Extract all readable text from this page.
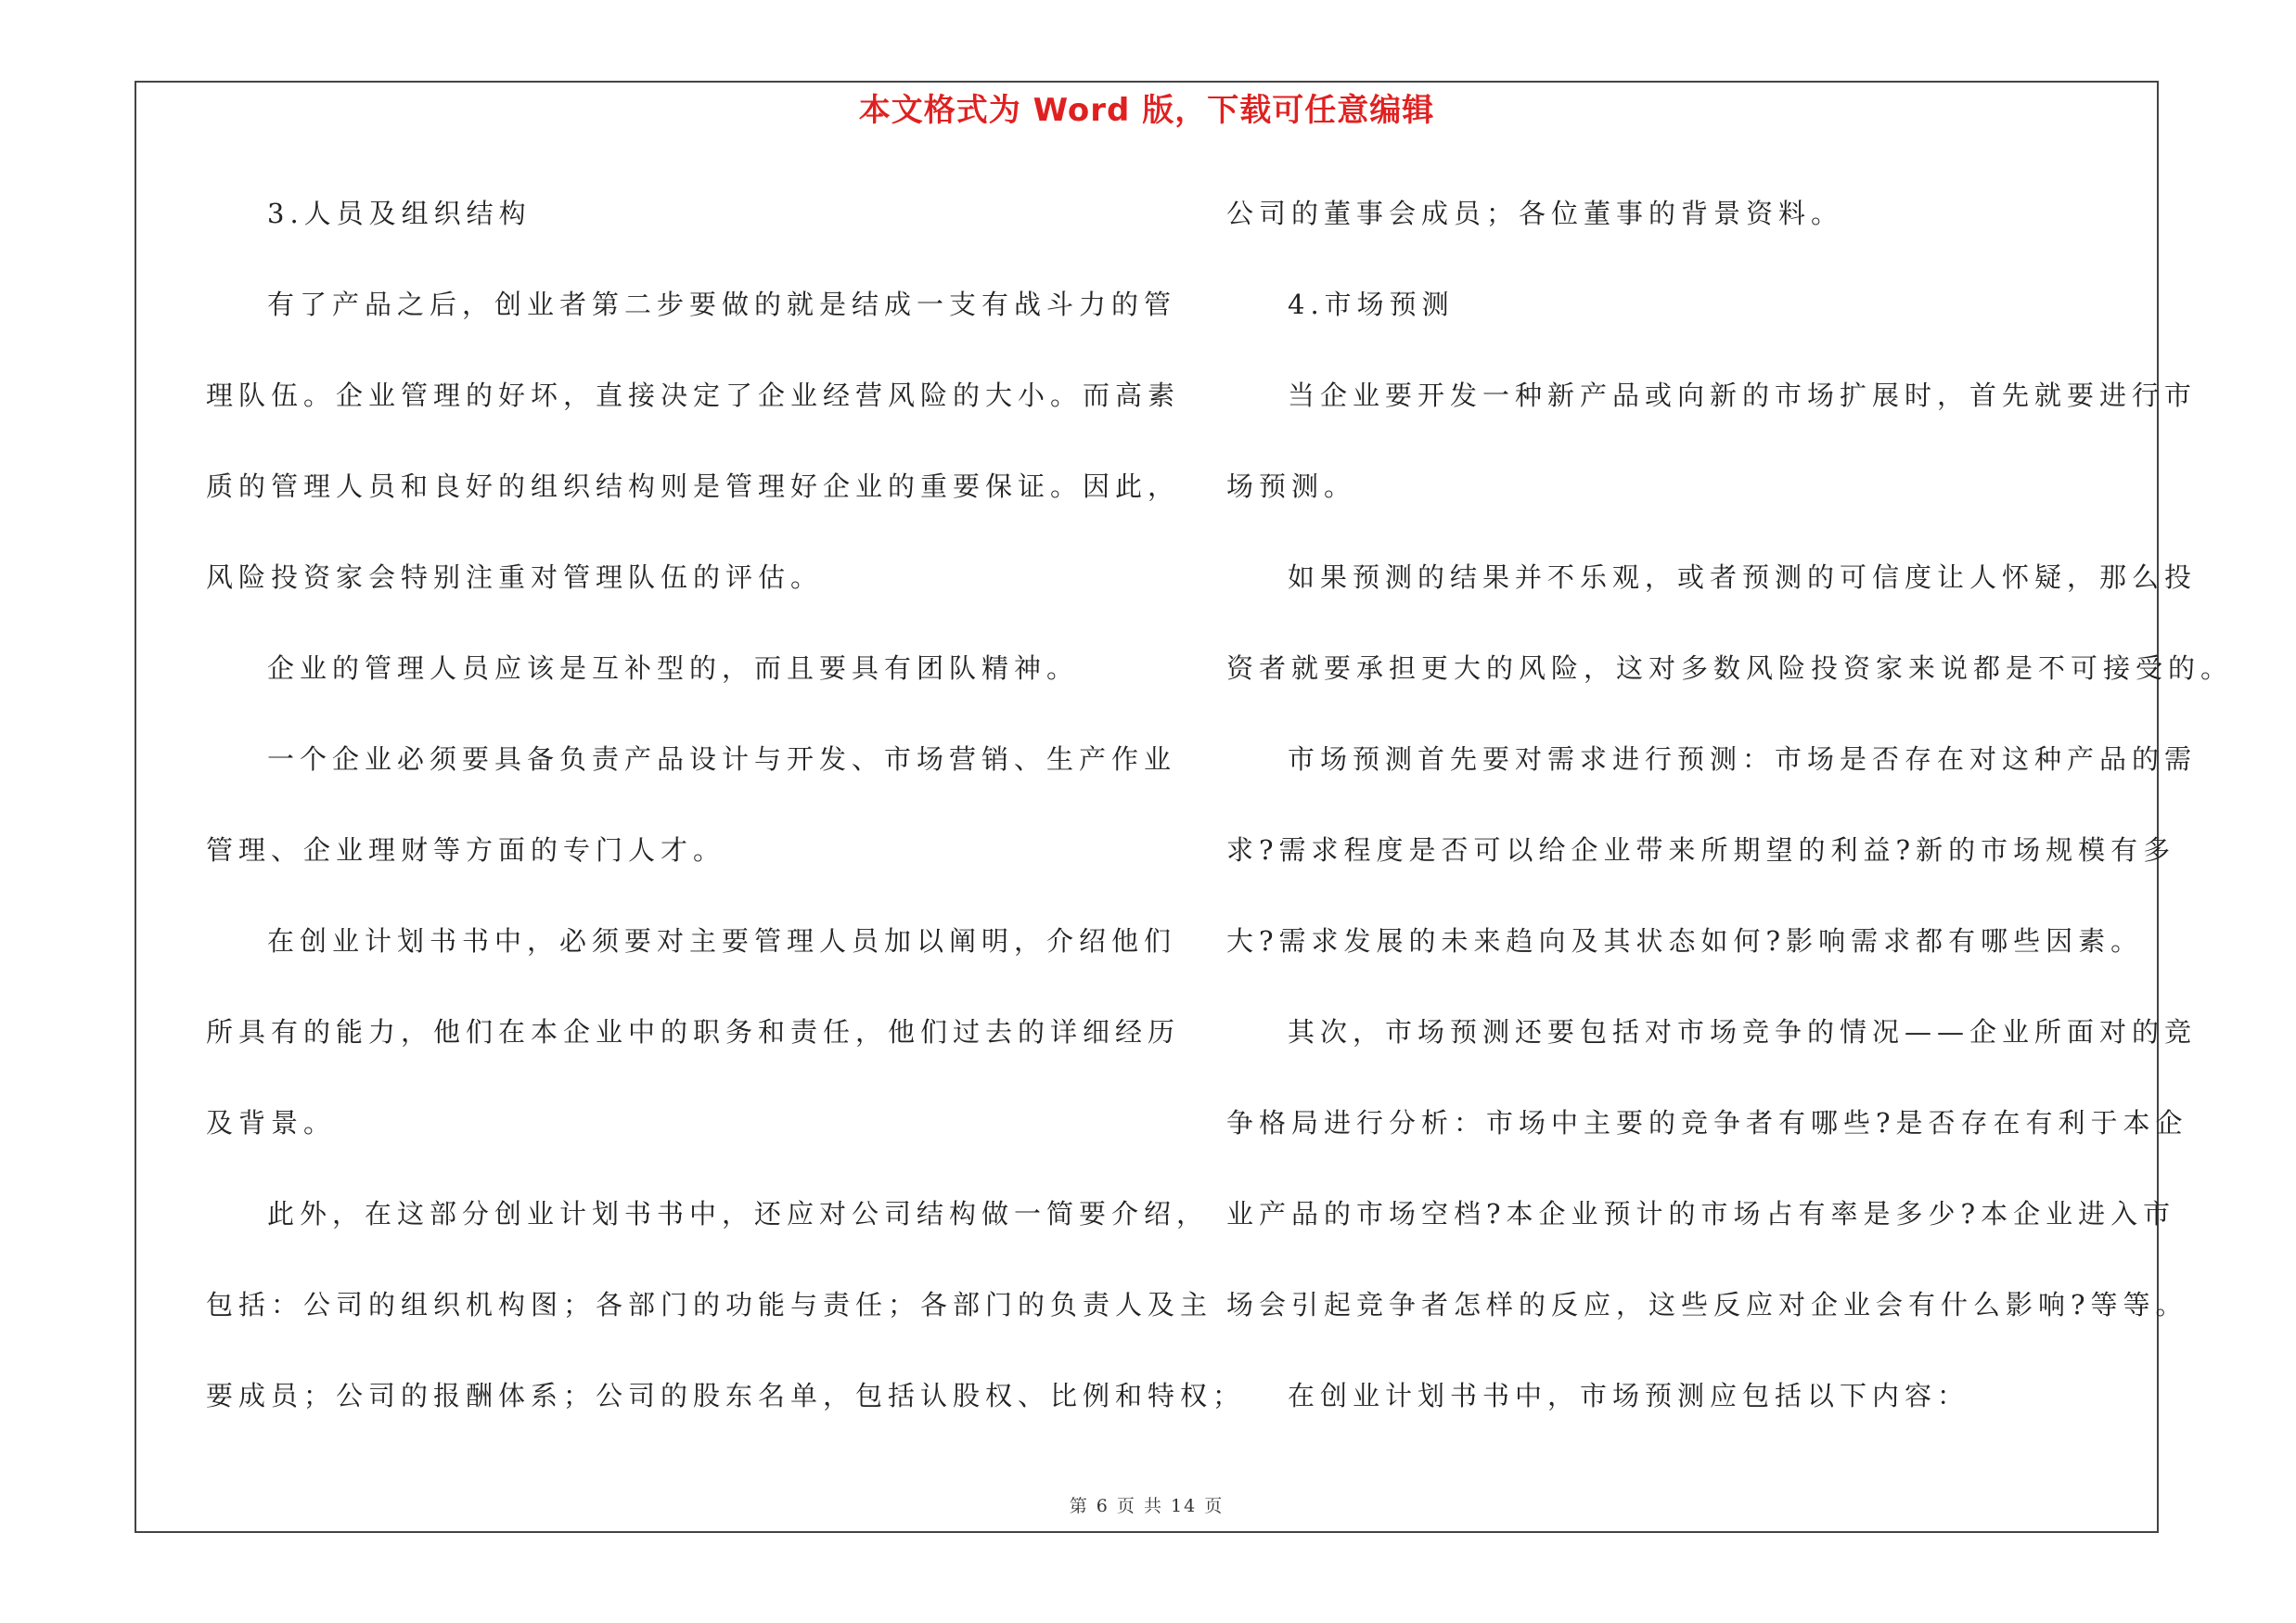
本文格式为 Word 版，下载可任意编辑
3.人员及组织结构
有了产品之后，创业者第二步要做的就是结成一支有战斗力的管
理队伍。企业管理的好坏，直接决定了企业经营风险的大小。而高素
质的管理人员和良好的组织结构则是管理好企业的重要保证。因此，
风险投资家会特别注重对管理队伍的评估。
企业的管理人员应该是互补型的，而且要具有团队精神。
一个企业必须要具备负责产品设计与开发、市场营销、生产作业
管理、企业理财等方面的专门人才。
在创业计划书书中，必须要对主要管理人员加以阐明，介绍他们
所具有的能力，他们在本企业中的职务和责任，他们过去的详细经历
及背景。
此外，在这部分创业计划书书中，还应对公司结构做一简要介绍，
包括：公司的组织机构图；各部门的功能与责任；各部门的负责人及主
要成员；公司的报酬体系；公司的股东名单，包括认股权、比例和特权；
公司的董事会成员；各位董事的背景资料。
4.市场预测
当企业要开发一种新产品或向新的市场扩展时，首先就要进行市
场预测。
如果预测的结果并不乐观，或者预测的可信度让人怀疑，那么投
资者就要承担更大的风险，这对多数风险投资家来说都是不可接受的。
市场预测首先要对需求进行预测：市场是否存在对这种产品的需
求?需求程度是否可以给企业带来所期望的利益?新的市场规模有多
大?需求发展的未来趋向及其状态如何?影响需求都有哪些因素。
其次，市场预测还要包括对市场竞争的情况——企业所面对的竞
争格局进行分析：市场中主要的竞争者有哪些?是否存在有利于本企
业产品的市场空档?本企业预计的市场占有率是多少?本企业进入市
场会引起竞争者怎样的反应，这些反应对企业会有什么影响?等等。
在创业计划书书中，市场预测应包括以下内容：
第 6 页 共 14 页
